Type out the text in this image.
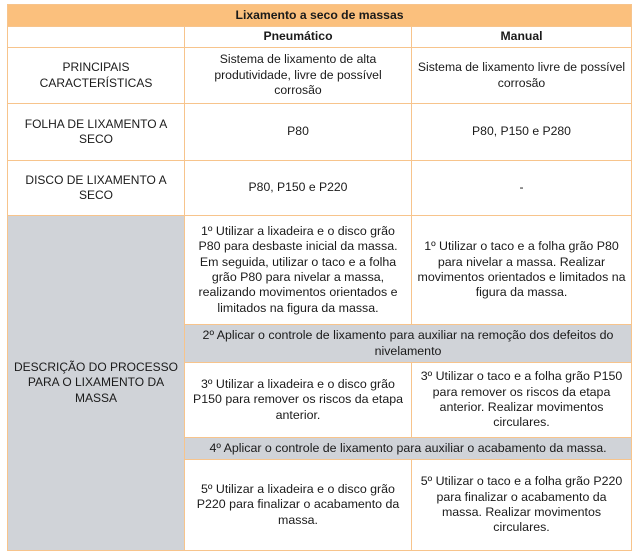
Lixamento a seco de massas		
	Pneumático	Manual
PRINCIPAIS CARACTERÍSTICAS	Sistema de lixamento de alta produtividade, livre de possível corrosão	Sistema de lixamento livre de possível corrosão
FOLHA DE LIXAMENTO A SECO	P80	P80, P150 e P280
DISCO DE LIXAMENTO A SECO	P80, P150 e P220	-
DESCRIÇÃO DO PROCESSO PARA O LIXAMENTO DA MASSA	1º Utilizar a lixadeira e o disco grão P80 para desbaste inicial da massa. Em seguida, utilizar o taco e a folha grão P80 para nivelar a massa, realizando movimentos orientados e limitados na figura da massa.	1º Utilizar o taco e a folha grão P80 para nivelar a massa. Realizar movimentos orientados e limitados na figura da massa.
	2º Aplicar o controle de lixamento para auxiliar na remoção dos defeitos do nivelamento	
	3º Utilizar a lixadeira e o disco grão P150 para remover os riscos da etapa anterior.	3º Utilizar o taco e a folha grão P150 para remover os riscos da etapa anterior. Realizar movimentos circulares.
	4º Aplicar o controle de lixamento para auxiliar o acabamento da massa.	
	5º Utilizar a lixadeira e o disco grão P220 para finalizar o acabamento da massa.	5º Utilizar o taco e a folha grão P220 para finalizar o acabamento da massa. Realizar movimentos circulares.
